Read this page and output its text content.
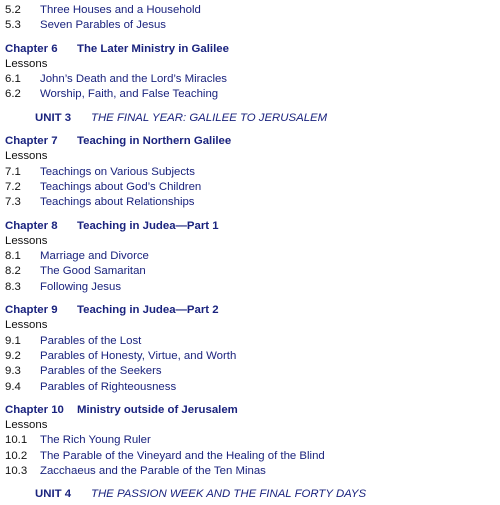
5.2 Three Houses and a Household
5.3 Seven Parables of Jesus
Chapter 6 The Later Ministry in Galilee
Lessons
6.1 John’s Death and the Lord’s Miracles
6.2 Worship, Faith, and False Teaching
UNIT 3 THE FINAL YEAR: GALILEE TO JERUSALEM
Chapter 7 Teaching in Northern Galilee
Lessons
7.1 Teachings on Various Subjects
7.2 Teachings about God’s Children
7.3 Teachings about Relationships
Chapter 8 Teaching in Judea—Part 1
Lessons
8.1 Marriage and Divorce
8.2 The Good Samaritan
8.3 Following Jesus
Chapter 9 Teaching in Judea—Part 2
Lessons
9.1 Parables of the Lost
9.2 Parables of Honesty, Virtue, and Worth
9.3 Parables of the Seekers
9.4 Parables of Righteousness
Chapter 10 Ministry outside of Jerusalem
Lessons
10.1 The Rich Young Ruler
10.2 The Parable of the Vineyard and the Healing of the Blind
10.3 Zacchaeus and the Parable of the Ten Minas
UNIT 4 THE PASSION WEEK AND THE FINAL FORTY DAYS
